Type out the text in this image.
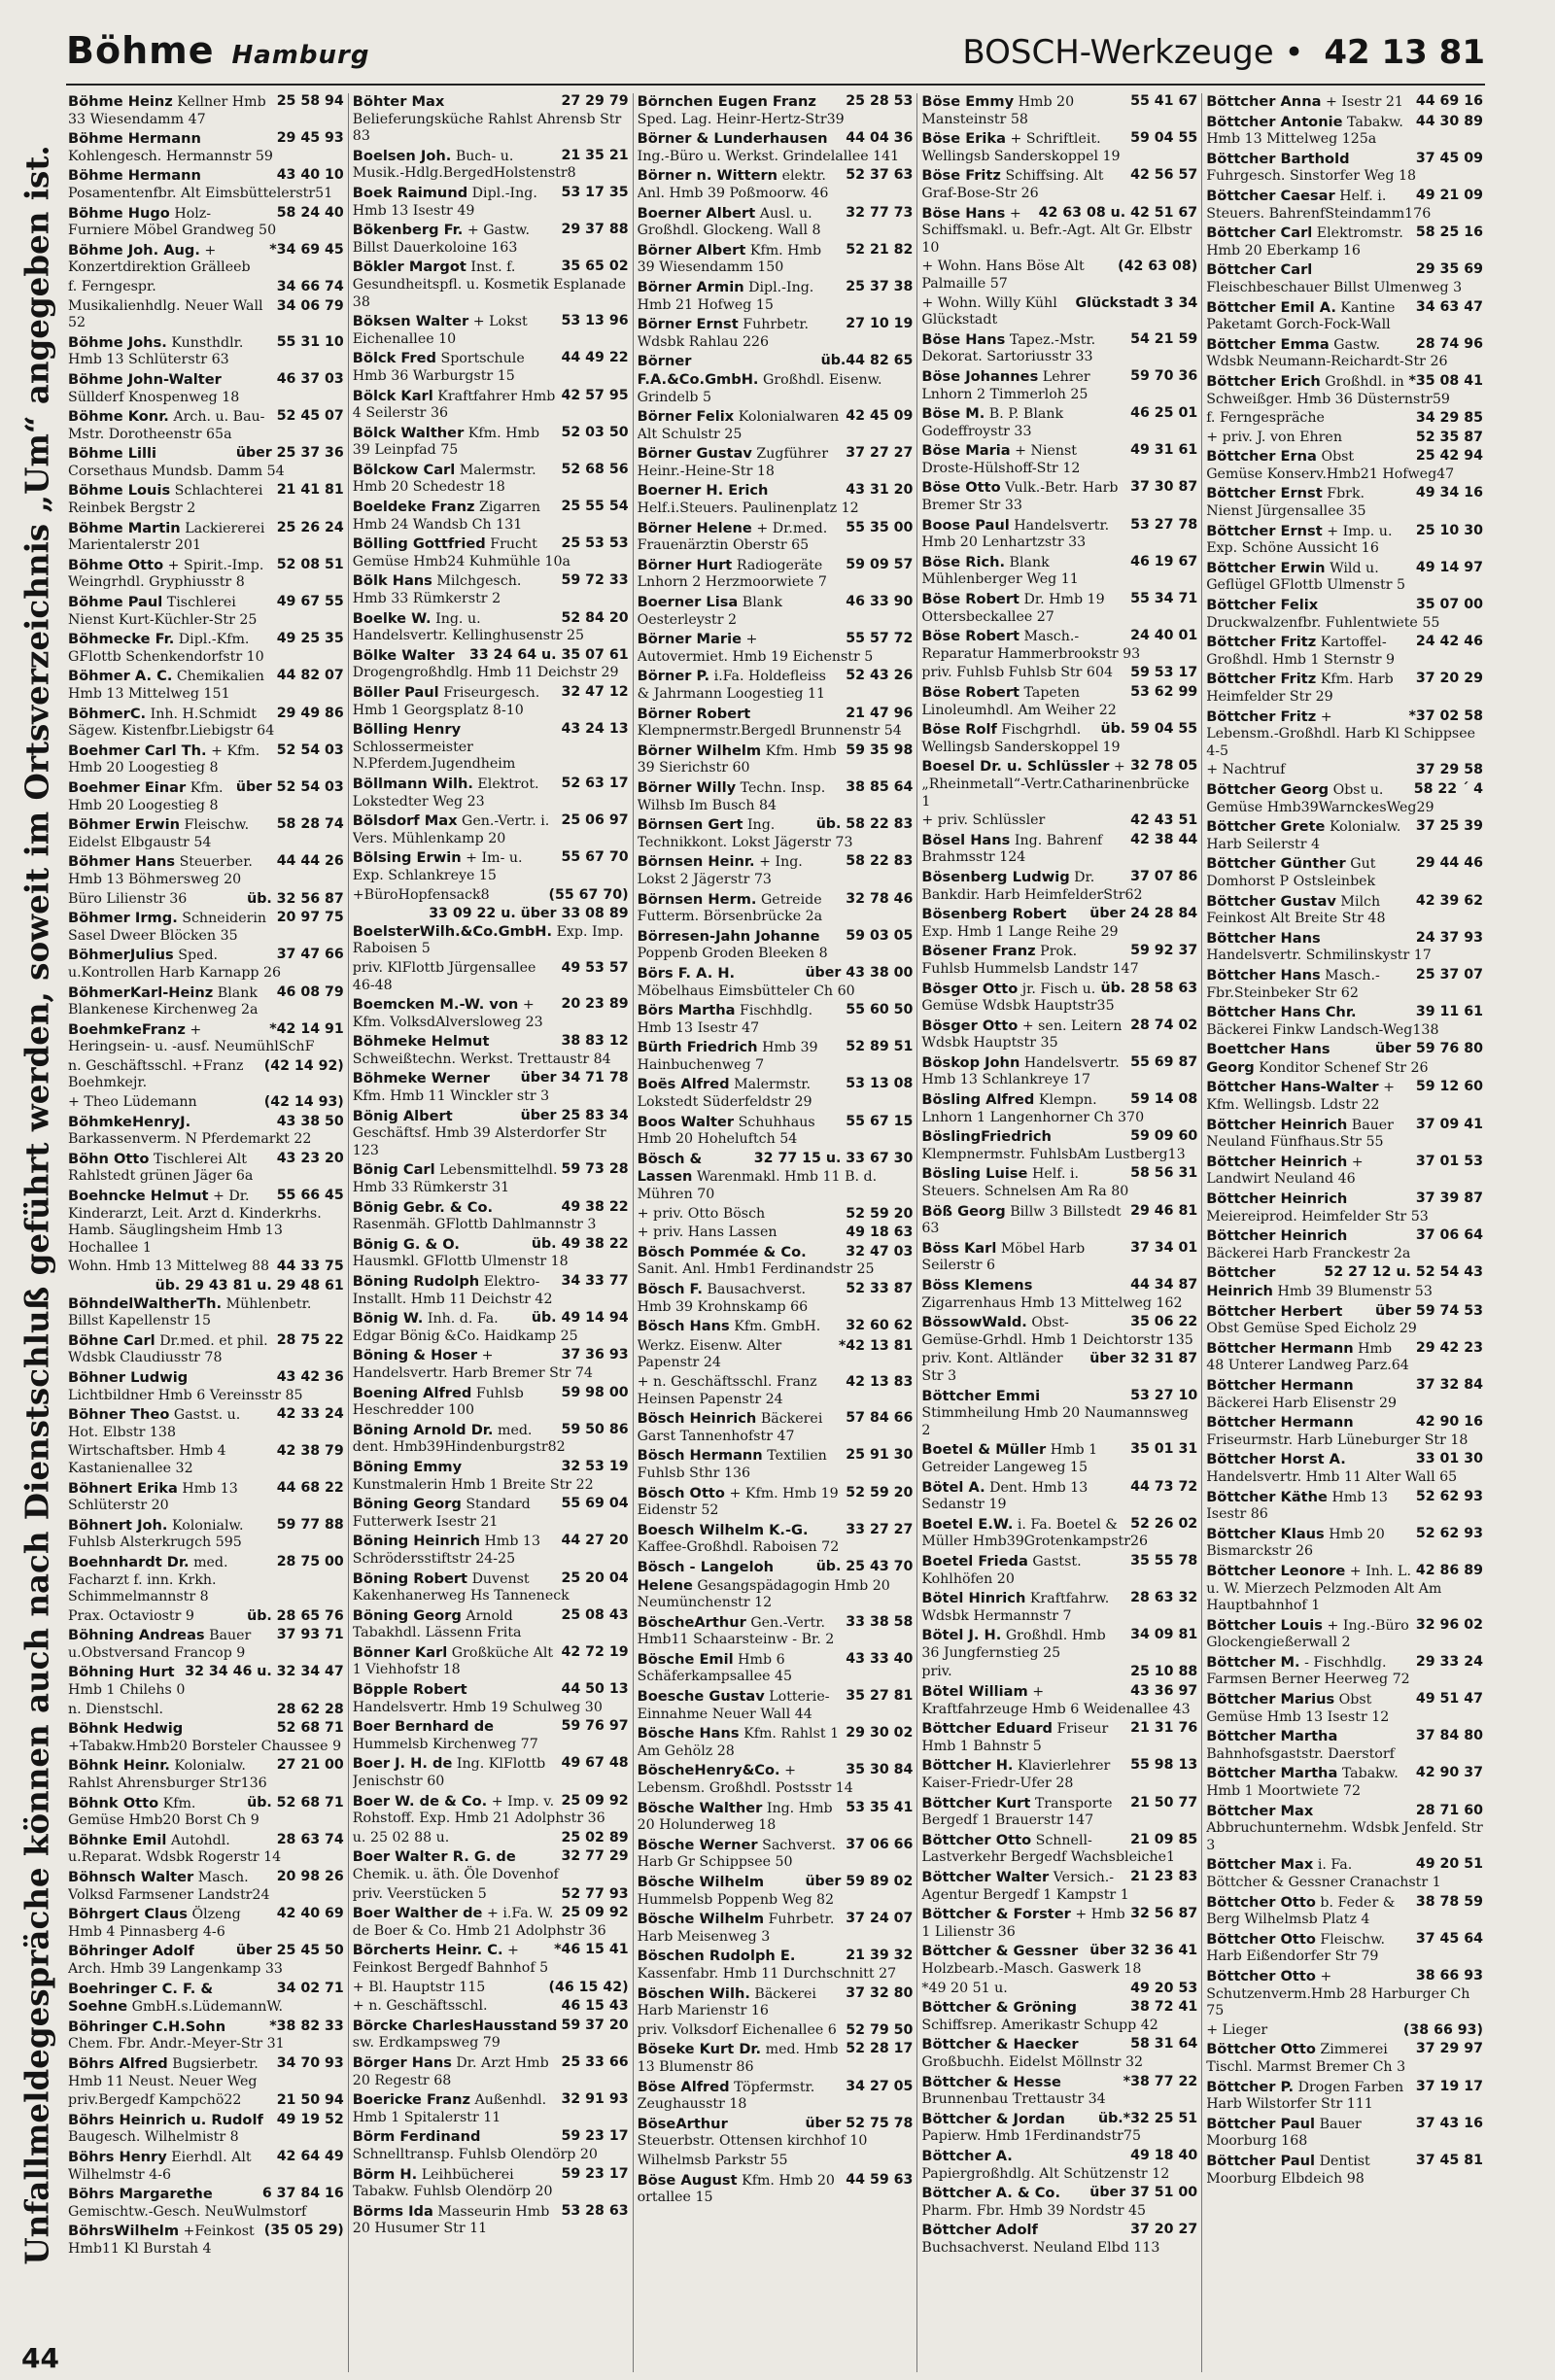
Böhme Hamburg	BOSCH-Werkzeuge • 42 13 81
Unfallmeldegespräche können auch nach Dienstschluß geführt werden, soweit im Ortsverzeichnis „Um“ angegeben ist.
25 58 94
Böhme Heinz Kellner Hmb 33 Wiesendamm 47
29 45 93
Böhme Hermann Kohlengesch. Hermannstr 59
43 40 10
Böhme Hermann Posamentenfbr. Alt Eimsbüttelerstr51
58 24 40
Böhme Hugo Holz- Furniere Möbel Grandweg 50
*34 69 45
Böhme Joh. Aug. + Konzertdirektion Grälleeb
34 66 74
f. Ferngespr.
34 06 79
Musikalienhdlg. Neuer Wall 52
55 31 10
Böhme Johs. Kunsthdlr. Hmb 13 Schlüterstr 63
46 37 03
Böhme John-Walter Süllderf Knospenweg 18
52 45 07
Böhme Konr. Arch. u. Bau-Mstr. Dorotheenstr 65a
über 25 37 36
Böhme Lilli Corsethaus Mundsb. Damm 54
21 41 81
Böhme Louis Schlachterei Reinbek Bergstr 2
25 26 24
Böhme Martin Lackiererei Marientalerstr 201
52 08 51
Böhme Otto + Spirit.-Imp. Weingrhdl. Gryphiusstr 8
49 67 55
Böhme Paul Tischlerei Nienst Kurt-Küchler-Str 25
49 25 35
Böhmecke Fr. Dipl.-Kfm. GFlottb Schenkendorfstr 10
44 82 07
Böhmer A. C. Chemikalien Hmb 13 Mittelweg 151
29 49 86
BöhmerC. Inh. H.Schmidt Sägew. Kistenfbr.Liebigstr 64
52 54 03
Boehmer Carl Th. + Kfm. Hmb 20 Loogestieg 8
über 52 54 03
Boehmer Einar Kfm. Hmb 20 Loogestieg 8
58 28 74
Böhmer Erwin Fleischw. Eidelst Elbgaustr 54
44 44 26
Böhmer Hans Steuerber. Hmb 13 Böhmersweg 20
üb. 32 56 87
Büro Lilienstr 36
20 97 75
Böhmer Irmg. Schneiderin Sasel Dweer Blöcken 35
37 47 66
BöhmerJulius Sped. u.Kontrollen Harb Karnapp 26
46 08 79
BöhmerKarl-Heinz Blank Blankenese Kirchenweg 2a
*42 14 91
BoehmkeFranz + Heringsein- u. -ausf. NeumühlSchF
(42 14 92)
n. Geschäftsschl. +Franz Boehmkejr.
(42 14 93)
+ Theo Lüdemann
43 38 50
BöhmkeHenryJ. Barkassenverm. N Pferdemarkt 22
43 23 20
Böhn Otto Tischlerei Alt Rahlstedt grünen Jäger 6a
55 66 45
Boehncke Helmut + Dr. Kinderarzt, Leit. Arzt d. Kinderkrhs. Hamb. Säuglingsheim Hmb 13 Hochallee 1
44 33 75
Wohn. Hmb 13 Mittelweg 88
üb. 29 43 81 u. 29 48 61
BöhndelWaltherTh. Mühlenbetr. Billst Kapellenstr 15
28 75 22
Böhne Carl Dr.med. et phil. Wdsbk Claudiusstr 78
43 42 36
Böhner Ludwig Lichtbildner Hmb 6 Vereinsstr 85
42 33 24
Böhner Theo Gastst. u. Hot. Elbstr 138
42 38 79
Wirtschaftsber. Hmb 4 Kastanienallee 32
44 68 22
Böhnert Erika Hmb 13 Schlüterstr 20
59 77 88
Böhnert Joh. Kolonialw. Fuhlsb Alsterkrugch 595
28 75 00
Boehnhardt Dr. med. Facharzt f. inn. Krkh. Schimmelmannstr 8
üb. 28 65 76
Prax. Octaviostr 9
37 93 71
Böhning Andreas Bauer u.Obstversand Francop 9
32 34 46 u. 32 34 47
Böhning Hurt Hmb 1 Chilehs 0
28 62 28
n. Dienstschl.
52 68 71
Böhnk Hedwig +Tabakw.Hmb20 Borsteler Chaussee 9
27 21 00
Böhnk Heinr. Kolonialw. Rahlst Ahrensburger Str136
üb. 52 68 71
Böhnk Otto Kfm. Gemüse Hmb20 Borst Ch 9
28 63 74
Böhnke Emil Autohdl. u.Reparat. Wdsbk Rogerstr 14
20 98 26
Böhnsch Walter Masch. Volksd Farmsener Landstr24
42 40 69
Böhrgert Claus Ölzeng Hmb 4 Pinnasberg 4-6
über 25 45 50
Böhringer Adolf Arch. Hmb 39 Langenkamp 33
34 02 71
Boehringer C. F. & Soehne GmbH.s.LüdemannW.
*38 82 33
Böhringer C.H.Sohn Chem. Fbr. Andr.-Meyer-Str 31
34 70 93
Böhrs Alfred Bugsierbetr. Hmb 11 Neust. Neuer Weg
21 50 94
priv.Bergedf Kampchö22
49 19 52
Böhrs Heinrich u. Rudolf Baugesch. Wilhelmistr 8
42 64 49
Böhrs Henry Eierhdl. Alt Wilhelmstr 4-6
6 37 84 16
Böhrs Margarethe Gemischtw.-Gesch. NeuWulmstorf
(35 05 29)
BöhrsWilhelm +Feinkost Hmb11 Kl Burstah 4
27 29 79
Böhter Max Belieferungsküche Rahlst Ahrensb Str 83
21 35 21
Boelsen Joh. Buch- u. Musik.-Hdlg.BergedHolstenstr8
53 17 35
Boek Raimund Dipl.-Ing. Hmb 13 Isestr 49
29 37 88
Bökenberg Fr. + Gastw. Billst Dauerkoloine 163
35 65 02
Bökler Margot Inst. f. Gesundheitspfl. u. Kosmetik Esplanade 38
53 13 96
Böksen Walter + Lokst Eichenallee 10
44 49 22
Bölck Fred Sportschule Hmb 36 Warburgstr 15
42 57 95
Bölck Karl Kraftfahrer Hmb 4 Seilerstr 36
52 03 50
Bölck Walther Kfm. Hmb 39 Leinpfad 75
52 68 56
Bölckow Carl Malermstr. Hmb 20 Schedestr 18
25 55 54
Boeldeke Franz Zigarren Hmb 24 Wandsb Ch 131
25 53 53
Bölling Gottfried Frucht Gemüse Hmb24 Kuhmühle 10a
59 72 33
Bölk Hans Milchgesch. Hmb 33 Rümkerstr 2
52 84 20
Boelke W. Ing. u. Handelsvertr. Kellinghusenstr 25
33 24 64 u. 35 07 61
Bölke Walter Drogengroßhdlg. Hmb 11 Deichstr 29
32 47 12
Böller Paul Friseurgesch. Hmb 1 Georgsplatz 8-10
43 24 13
Bölling Henry Schlossermeister N.Pferdem.Jugendheim
52 63 17
Böllmann Wilh. Elektrot. Lokstedter Weg 23
25 06 97
Bölsdorf Max Gen.-Vertr. i. Vers. Mühlenkamp 20
55 67 70
Bölsing Erwin + Im- u. Exp. Schlankreye 15
(55 67 70)
+BüroHopfensack8
33 09 22 u. über 33 08 89
BoelsterWilh.&Co.GmbH. Exp. Imp. Raboisen 5
49 53 57
priv. KlFlottb Jürgensallee 46-48
20 23 89
Boemcken M.-W. von + Kfm. VolksdAlversloweg 23
38 83 12
Böhmeke Helmut Schweißtechn. Werkst. Trettaustr 84
über 34 71 78
Böhmeke Werner Kfm. Hmb 11 Winckler str 3
über 25 83 34
Bönig Albert Geschäftsf. Hmb 39 Alsterdorfer Str 123
59 73 28
Bönig Carl Lebensmittelhdl. Hmb 33 Rümkerstr 31
49 38 22
Bönig Gebr. & Co. Rasenmäh. GFlottb Dahlmannstr 3
üb. 49 38 22
Bönig G. & O. Hausmkl. GFlottb Ulmenstr 18
34 33 77
Böning Rudolph Elektro-Installt. Hmb 11 Deichstr 42
üb. 49 14 94
Bönig W. Inh. d. Fa. Edgar Bönig &Co. Haidkamp 25
37 36 93
Böning & Hoser + Handelsvertr. Harb Bremer Str 74
59 98 00
Boening Alfred Fuhlsb Heschredder 100
59 50 86
Böning Arnold Dr. med. dent. Hmb39Hindenburgstr82
32 53 19
Böning Emmy Kunstmalerin Hmb 1 Breite Str 22
55 69 04
Böning Georg Standard Futterwerk Isestr 21
44 27 20
Böning Heinrich Hmb 13 Schrödersstiftstr 24-25
25 20 04
Böning Robert Duvenst Kakenhanerweg Hs Tanneneck
25 08 43
Böning Georg Arnold Tabakhdl. Lässenn Frita
42 72 19
Bönner Karl Großküche Alt 1 Viehhofstr 18
44 50 13
Böpple Robert Handelsvertr. Hmb 19 Schulweg 30
59 76 97
Boer Bernhard de Hummelsb Kirchenweg 77
49 67 48
Boer J. H. de Ing. KlFlottb Jenischstr 60
25 09 92
Boer W. de & Co. + Imp. v. Rohstoff. Exp. Hmb 21 Adolphstr 36
25 02 89
u. 25 02 88 u.
32 77 29
Boer Walter R. G. de Chemik. u. äth. Öle Dovenhof
52 77 93
priv. Veerstücken 5
25 09 92
Boer Walther de + i.Fa. W. de Boer & Co. Hmb 21 Adolphstr 36
*46 15 41
Börcherts Heinr. C. + Feinkost Bergedf Bahnhof 5
(46 15 42)
+ Bl. Hauptstr 115
46 15 43
+ n. Geschäftsschl.
59 37 20
Börcke CharlesHausstand sw. Erdkampsweg 79
25 33 66
Börger Hans Dr. Arzt Hmb 20 Regestr 68
32 91 93
Boericke Franz Außenhdl. Hmb 1 Spitalerstr 11
59 23 17
Börm Ferdinand Schnelltransp. Fuhlsb Olendörp 20
59 23 17
Börm H. Leihbücherei Tabakw. Fuhlsb Olendörp 20
53 28 63
Börms Ida Masseurin Hmb 20 Husumer Str 11
25 28 53
Börnchen Eugen Franz Sped. Lag. Heinr-Hertz-Str39
44 04 36
Börner & Lunderhausen Ing.-Büro u. Werkst. Grindelallee 141
52 37 63
Börner n. Wittern elektr. Anl. Hmb 39 Poßmoorw. 46
32 77 73
Boerner Albert Ausl. u. Großhdl. Glockeng. Wall 8
52 21 82
Börner Albert Kfm. Hmb 39 Wiesendamm 150
25 37 38
Börner Armin Dipl.-Ing. Hmb 21 Hofweg 15
27 10 19
Börner Ernst Fuhrbetr. Wdsbk Rahlau 226
üb.44 82 65
Börner F.A.&Co.GmbH. Großhdl. Eisenw. Grindelb 5
42 45 09
Börner Felix Kolonialwaren Alt Schulstr 25
37 27 27
Börner Gustav Zugführer Heinr.-Heine-Str 18
43 31 20
Boerner H. Erich Helf.i.Steuers. Paulinenplatz 12
55 35 00
Börner Helene + Dr.med. Frauenärztin Oberstr 65
59 09 57
Börner Hurt Radiogeräte Lnhorn 2 Herzmoorwiete 7
46 33 90
Boerner Lisa Blank Oesterleystr 2
55 57 72
Börner Marie + Autovermiet. Hmb 19 Eichenstr 5
52 43 26
Börner P. i.Fa. Holdefleiss & Jahrmann Loogestieg 11
21 47 96
Börner Robert Klempnermstr.Bergedl Brunnenstr 54
59 35 98
Börner Wilhelm Kfm. Hmb 39 Sierichstr 60
38 85 64
Börner Willy Techn. Insp. Wilhsb Im Busch 84
üb. 58 22 83
Börnsen Gert Ing. Technikkont. Lokst Jägerstr 73
58 22 83
Börnsen Heinr. + Ing. Lokst 2 Jägerstr 73
32 78 46
Börnsen Herm. Getreide Futterm. Börsenbrücke 2a
59 03 05
Börresen-Jahn Johanne Poppenb Groden Bleeken 8
über 43 38 00
Börs F. A. H. Möbelhaus Eimsbütteler Ch 60
55 60 50
Börs Martha Fischhdlg. Hmb 13 Isestr 47
52 89 51
Bürth Friedrich Hmb 39 Hainbuchenweg 7
53 13 08
Boës Alfred Malermstr. Lokstedt Süderfeldstr 29
55 67 15
Boos Walter Schuhhaus Hmb 20 Hoheluftch 54
32 77 15 u. 33 67 30
Bösch & Lassen Warenmakl. Hmb 11 B. d. Mühren 70
52 59 20
+ priv. Otto Bösch
49 18 63
+ priv. Hans Lassen
32 47 03
Bösch Pommée & Co. Sanit. Anl. Hmb1 Ferdinandstr 25
52 33 87
Bösch F. Bausachverst. Hmb 39 Krohnskamp 66
32 60 62
Bösch Hans Kfm. GmbH.
*42 13 81
Werkz. Eisenw. Alter Papenstr 24
42 13 83
+ n. Geschäftsschl. Franz Heinsen Papenstr 24
57 84 66
Bösch Heinrich Bäckerei Garst Tannenhofstr 47
25 91 30
Bösch Hermann Textilien Fuhlsb Sthr 136
52 59 20
Bösch Otto + Kfm. Hmb 19 Eidenstr 52
33 27 27
Boesch Wilhelm K.-G. Kaffee-Großhdl. Raboisen 72
üb. 25 43 70
Bösch - Langeloh Helene Gesangspädagogin Hmb 20 Neumünchenstr 12
33 38 58
BöscheArthur Gen.-Vertr. Hmb11 Schaarsteinw - Br. 2
43 33 40
Bösche Emil Hmb 6 Schäferkampsallee 45
35 27 81
Boesche Gustav Lotterie-Einnahme Neuer Wall 44
29 30 02
Bösche Hans Kfm. Rahlst 1 Am Gehölz 28
35 30 84
BöscheHenry&Co. + Lebensm. Großhdl. Postsstr 14
53 35 41
Bösche Walther Ing. Hmb 20 Holunderweg 18
37 06 66
Bösche Werner Sachverst. Harb Gr Schippsee 50
über 59 89 02
Bösche Wilhelm Hummelsb Poppenb Weg 82
37 24 07
Bösche Wilhelm Fuhrbetr. Harb Meisenweg 3
21 39 32
Böschen Rudolph E. Kassenfabr. Hmb 11 Durchschnitt 27
37 32 80
Böschen Wilh. Bäckerei Harb Marienstr 16
52 79 50
priv. Volksdorf Eichenallee 6
52 28 17
Böseke Kurt Dr. med. Hmb 13 Blumenstr 86
34 27 05
Böse Alfred Töpfermstr. Zeughausstr 18
über 52 75 78
BöseArthur Steuerbstr. Ottensen kirchhof 10
Wilhelmsb Parkstr 55
44 59 63
Böse August Kfm. Hmb 20 ortallee 15
55 41 67
Böse Emmy Hmb 20 Mansteinstr 58
59 04 55
Böse Erika + Schriftleit. Wellingsb Sanderskoppel 19
42 56 57
Böse Fritz Schiffsing. Alt Graf-Bose-Str 26
42 63 08 u. 42 51 67
Böse Hans + Schiffsmakl. u. Befr.-Agt. Alt Gr. Elbstr 10
(42 63 08)
+ Wohn. Hans Böse Alt Palmaille 57
Glückstadt 3 34
+ Wohn. Willy Kühl Glückstadt
54 21 59
Böse Hans Tapez.-Mstr. Dekorat. Sartoriusstr 33
59 70 36
Böse Johannes Lehrer Lnhorn 2 Timmerloh 25
46 25 01
Böse M. B. P. Blank Godeffroystr 33
49 31 61
Böse Maria + Nienst Droste-Hülshoff-Str 12
37 30 87
Böse Otto Vulk.-Betr. Harb Bremer Str 33
53 27 78
Boose Paul Handelsvertr. Hmb 20 Lenhartzstr 33
46 19 67
Böse Rich. Blank Mühlenberger Weg 11
55 34 71
Böse Robert Dr. Hmb 19 Ottersbeckallee 27
24 40 01
Böse Robert Masch.-Reparatur Hammerbrookstr 93
59 53 17
priv. Fuhlsb Fuhlsb Str 604
53 62 99
Böse Robert Tapeten Linoleumhdl. Am Weiher 22
üb. 59 04 55
Böse Rolf Fischgrhdl. Wellingsb Sanderskoppel 19
32 78 05
Boesel Dr. u. Schlüssler + „Rheinmetall“-Vertr.Catharinenbrücke 1
42 43 51
+ priv. Schlüssler
42 38 44
Bösel Hans Ing. Bahrenf Brahmsstr 124
37 07 86
Bösenberg Ludwig Dr. Bankdir. Harb HeimfelderStr62
über 24 28 84
Bösenberg Robert Exp. Hmb 1 Lange Reihe 29
59 92 37
Bösener Franz Prok. Fuhlsb Hummelsb Landstr 147
üb. 28 58 63
Bösger Otto jr. Fisch u. Gemüse Wdsbk Hauptstr35
28 74 02
Bösger Otto + sen. Leitern Wdsbk Hauptstr 35
55 69 87
Böskop John Handelsvertr. Hmb 13 Schlankreye 17
59 14 08
Bösling Alfred Klempn. Lnhorn 1 Langenhorner Ch 370
59 09 60
BöslingFriedrich Klempnermstr. FuhlsbAm Lustberg13
58 56 31
Bösling Luise Helf. i. Steuers. Schnelsen Am Ra 80
29 46 81
Böß Georg Billw 3 Billstedt 63
37 34 01
Böss Karl Möbel Harb Seilerstr 6
44 34 87
Böss Klemens Zigarrenhaus Hmb 13 Mittelweg 162
35 06 22
BössowWald. Obst-Gemüse-Grhdl. Hmb 1 Deichtorstr 135
über 32 31 87
priv. Kont. Altländer Str 3
53 27 10
Böttcher Emmi Stimmheilung Hmb 20 Naumannsweg 2
35 01 31
Boetel & Müller Hmb 1 Getreider Langeweg 15
44 73 72
Bötel A. Dent. Hmb 13 Sedanstr 19
52 26 02
Boetel E.W. i. Fa. Boetel & Müller Hmb39Grotenkampstr26
35 55 78
Boetel Frieda Gastst. Kohlhöfen 20
28 63 32
Bötel Hinrich Kraftfahrw. Wdsbk Hermannstr 7
34 09 81
Bötel J. H. Großhdl. Hmb 36 Jungfernstieg 25
25 10 88
priv.
43 36 97
Bötel William + Kraftfahrzeuge Hmb 6 Weidenallee 43
21 31 76
Böttcher Eduard Friseur Hmb 1 Bahnstr 5
55 98 13
Böttcher H. Klavierlehrer Kaiser-Friedr-Ufer 28
21 50 77
Böttcher Kurt Transporte Bergedf 1 Brauerstr 147
21 09 85
Böttcher Otto Schnell-Lastverkehr Bergedf Wachsbleiche1
21 23 83
Böttcher Walter Versich.-Agentur Bergedf 1 Kampstr 1
32 56 87
Böttcher & Forster + Hmb 1 Lilienstr 36
über 32 36 41
Böttcher & Gessner Holzbearb.-Masch. Gaswerk 18
49 20 53
*49 20 51 u.
38 72 41
Böttcher & Gröning Schiffsrep. Amerikastr Schupp 42
58 31 64
Böttcher & Haecker Großbuchh. Eidelst Möllnstr 32
*38 77 22
Böttcher & Hesse Brunnenbau Trettaustr 34
üb.*32 25 51
Böttcher & Jordan Papierw. Hmb 1Ferdinandstr75
49 18 40
Böttcher A. Papiergroßhdlg. Alt Schützenstr 12
über 37 51 00
Böttcher A. & Co. Pharm. Fbr. Hmb 39 Nordstr 45
37 20 27
Böttcher Adolf Buchsachverst. Neuland Elbd 113
44 69 16
Böttcher Anna + Isestr 21
44 30 89
Böttcher Antonie Tabakw. Hmb 13 Mittelweg 125a
37 45 09
Böttcher Barthold Fuhrgesch. Sinstorfer Weg 18
49 21 09
Böttcher Caesar Helf. i. Steuers. BahrenfSteindamm176
58 25 16
Böttcher Carl Elektromstr. Hmb 20 Eberkamp 16
29 35 69
Böttcher Carl Fleischbeschauer Billst Ulmenweg 3
34 63 47
Böttcher Emil A. Kantine Paketamt Gorch-Fock-Wall
28 74 96
Böttcher Emma Gastw. Wdsbk Neumann-Reichardt-Str 26
*35 08 41
Böttcher Erich Großhdl. in Schweißger. Hmb 36 Düsternstr59
34 29 85
f. Ferngespräche
52 35 87
+ priv. J. von Ehren
25 42 94
Böttcher Erna Obst Gemüse Konserv.Hmb21 Hofweg47
49 34 16
Böttcher Ernst Fbrk. Nienst Jürgensallee 35
25 10 30
Böttcher Ernst + Imp. u. Exp. Schöne Aussicht 16
49 14 97
Böttcher Erwin Wild u. Geflügel GFlottb Ulmenstr 5
35 07 00
Böttcher Felix Druckwalzenfbr. Fuhlentwiete 55
24 42 46
Böttcher Fritz Kartoffel-Großhdl. Hmb 1 Sternstr 9
37 20 29
Böttcher Fritz Kfm. Harb Heimfelder Str 29
*37 02 58
Böttcher Fritz + Lebensm.-Großhdl. Harb Kl Schippsee 4-5
37 29 58
+ Nachtruf
58 22 ´ 4
Böttcher Georg Obst u. Gemüse Hmb39WarnckesWeg29
37 25 39
Böttcher Grete Kolonialw. Harb Seilerstr 4
29 44 46
Böttcher Günther Gut Domhorst P Ostsleinbek
42 39 62
Böttcher Gustav Milch Feinkost Alt Breite Str 48
24 37 93
Böttcher Hans Handelsvertr. Schmilinskystr 17
25 37 07
Böttcher Hans Masch.-Fbr.Steinbeker Str 62
39 11 61
Böttcher Hans Chr. Bäckerei Finkw Landsch-Weg138
über 59 76 80
Boettcher Hans Georg Konditor Schenef Str 26
59 12 60
Böttcher Hans-Walter + Kfm. Wellingsb. Ldstr 22
37 09 41
Böttcher Heinrich Bauer Neuland Fünfhaus.Str 55
37 01 53
Böttcher Heinrich + Landwirt Neuland 46
37 39 87
Böttcher Heinrich Meiereiprod. Heimfelder Str 53
37 06 64
Böttcher Heinrich Bäckerei Harb Franckestr 2a
52 27 12 u. 52 54 43
Böttcher Heinrich Hmb 39 Blumenstr 53
über 59 74 53
Böttcher Herbert Obst Gemüse Sped Eicholz 29
29 42 23
Böttcher Hermann Hmb 48 Unterer Landweg Parz.64
37 32 84
Böttcher Hermann Bäckerei Harb Elisenstr 29
42 90 16
Böttcher Hermann Friseurmstr. Harb Lüneburger Str 18
33 01 30
Böttcher Horst A. Handelsvertr. Hmb 11 Alter Wall 65
52 62 93
Böttcher Käthe Hmb 13 Isestr 86
52 62 93
Böttcher Klaus Hmb 20 Bismarckstr 26
42 86 89
Böttcher Leonore + Inh. L. u. W. Mierzech Pelzmoden Alt Am Hauptbahnhof 1
32 96 02
Böttcher Louis + Ing.-Büro Glockengießerwall 2
29 33 24
Böttcher M. - Fischhdlg. Farmsen Berner Heerweg 72
49 51 47
Böttcher Marius Obst Gemüse Hmb 13 Isestr 12
37 84 80
Böttcher Martha Bahnhofsgaststr. Daerstorf
42 90 37
Böttcher Martha Tabakw. Hmb 1 Moortwiete 72
28 71 60
Böttcher Max Abbruchunternehm. Wdsbk Jenfeld. Str 3
49 20 51
Böttcher Max i. Fa. Böttcher & Gessner Cranachstr 1
38 78 59
Böttcher Otto b. Feder & Berg Wilhelmsb Platz 4
37 45 64
Böttcher Otto Fleischw. Harb Eißendorfer Str 79
38 66 93
Böttcher Otto + Schutzenverm.Hmb 28 Harburger Ch 75
(38 66 93)
+ Lieger
37 29 97
Böttcher Otto Zimmerei Tischl. Marmst Bremer Ch 3
37 19 17
Böttcher P. Drogen Farben Harb Wilstorfer Str 111
37 43 16
Böttcher Paul Bauer Moorburg 168
37 45 81
Böttcher Paul Dentist Moorburg Elbdeich 98
44
